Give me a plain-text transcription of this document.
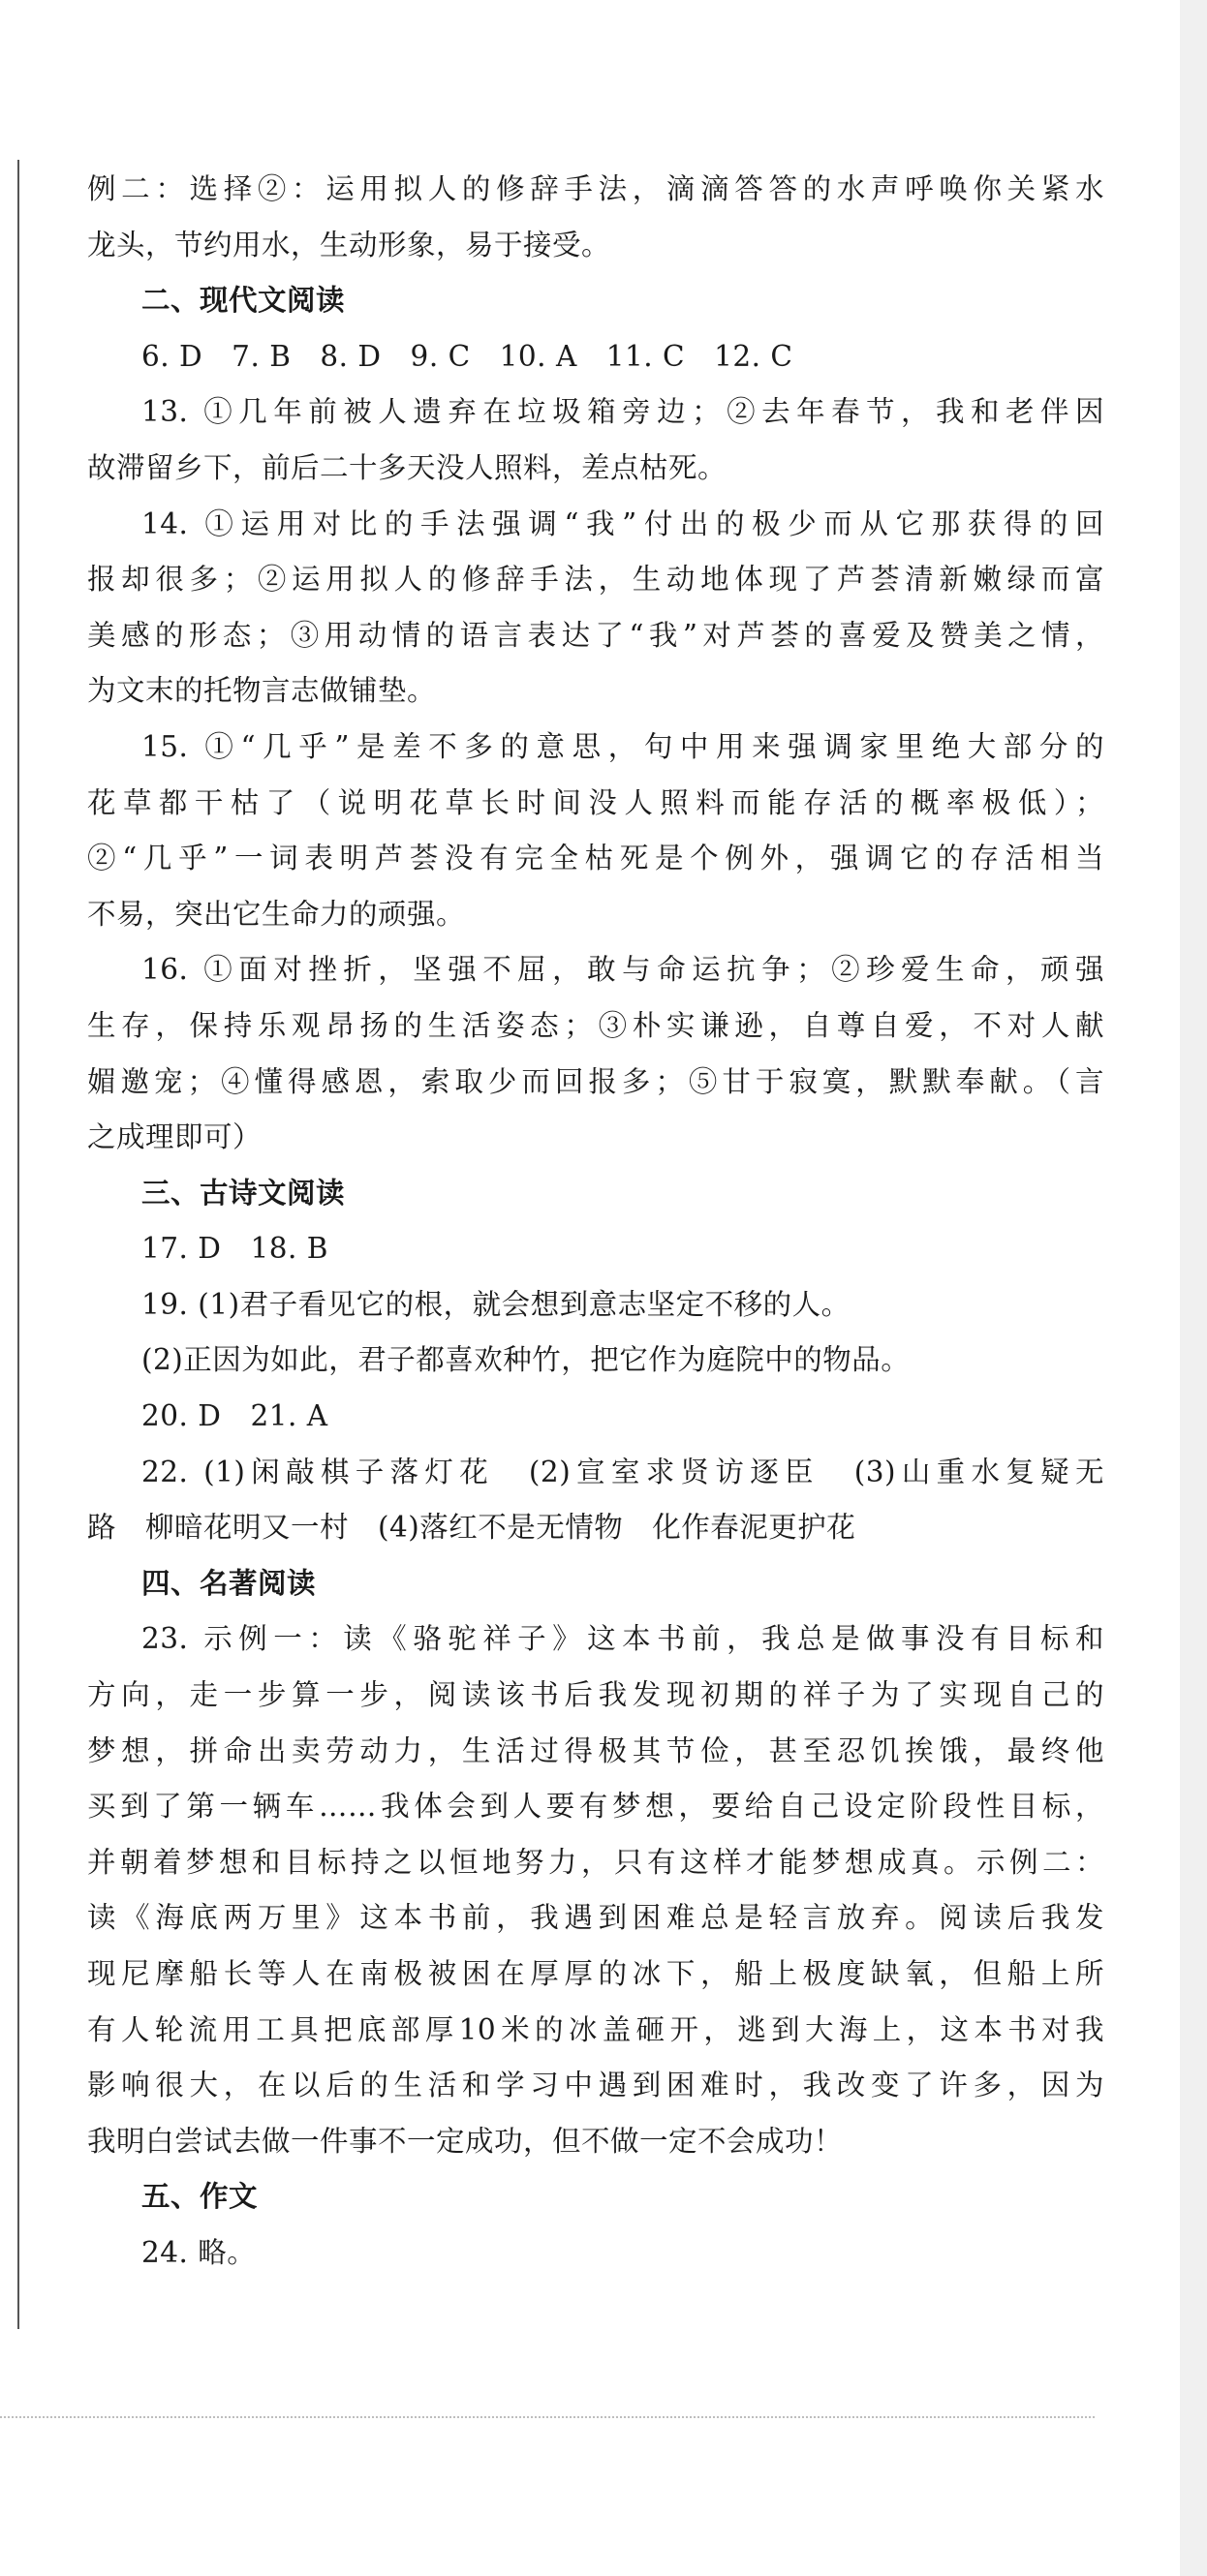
例二：选择②：运用拟人的修辞手法，滴滴答答的水声呼唤你关紧水
龙头，节约用水，生动形象，易于接受。
二、现代文阅读
6. D　7. B　8. D　9. C　10. A　11. C　12. C
13. ①几年前被人遗弃在垃圾箱旁边；②去年春节，我和老伴因
故滞留乡下，前后二十多天没人照料，差点枯死。
14. ①运用对比的手法强调“我”付出的极少而从它那获得的回
报却很多；②运用拟人的修辞手法，生动地体现了芦荟清新嫩绿而富
美感的形态；③用动情的语言表达了“我”对芦荟的喜爱及赞美之情，
为文末的托物言志做铺垫。
15. ①“几乎”是差不多的意思，句中用来强调家里绝大部分的
花草都干枯了（说明花草长时间没人照料而能存活的概率极低）；
②“几乎”一词表明芦荟没有完全枯死是个例外，强调它的存活相当
不易，突出它生命力的顽强。
16. ①面对挫折，坚强不屈，敢与命运抗争；②珍爱生命，顽强
生存，保持乐观昂扬的生活姿态；③朴实谦逊，自尊自爱，不对人献
媚邀宠；④懂得感恩，索取少而回报多；⑤甘于寂寞，默默奉献。（言
之成理即可）
三、古诗文阅读
17. D　18. B
19. (1)君子看见它的根，就会想到意志坚定不移的人。
(2)正因为如此，君子都喜欢种竹，把它作为庭院中的物品。
20. D　21. A
22. (1)闲敲棋子落灯花　(2)宣室求贤访逐臣　(3)山重水复疑无
路　柳暗花明又一村　(4)落红不是无情物　化作春泥更护花
四、名著阅读
23. 示例一：读《骆驼祥子》这本书前，我总是做事没有目标和
方向，走一步算一步，阅读该书后我发现初期的祥子为了实现自己的
梦想，拼命出卖劳动力，生活过得极其节俭，甚至忍饥挨饿，最终他
买到了第一辆车……我体会到人要有梦想，要给自己设定阶段性目标，
并朝着梦想和目标持之以恒地努力，只有这样才能梦想成真。示例二：
读《海底两万里》这本书前，我遇到困难总是轻言放弃。阅读后我发
现尼摩船长等人在南极被困在厚厚的冰下，船上极度缺氧，但船上所
有人轮流用工具把底部厚10米的冰盖砸开，逃到大海上，这本书对我
影响很大，在以后的生活和学习中遇到困难时，我改变了许多，因为
我明白尝试去做一件事不一定成功，但不做一定不会成功！
五、作文
24. 略。
